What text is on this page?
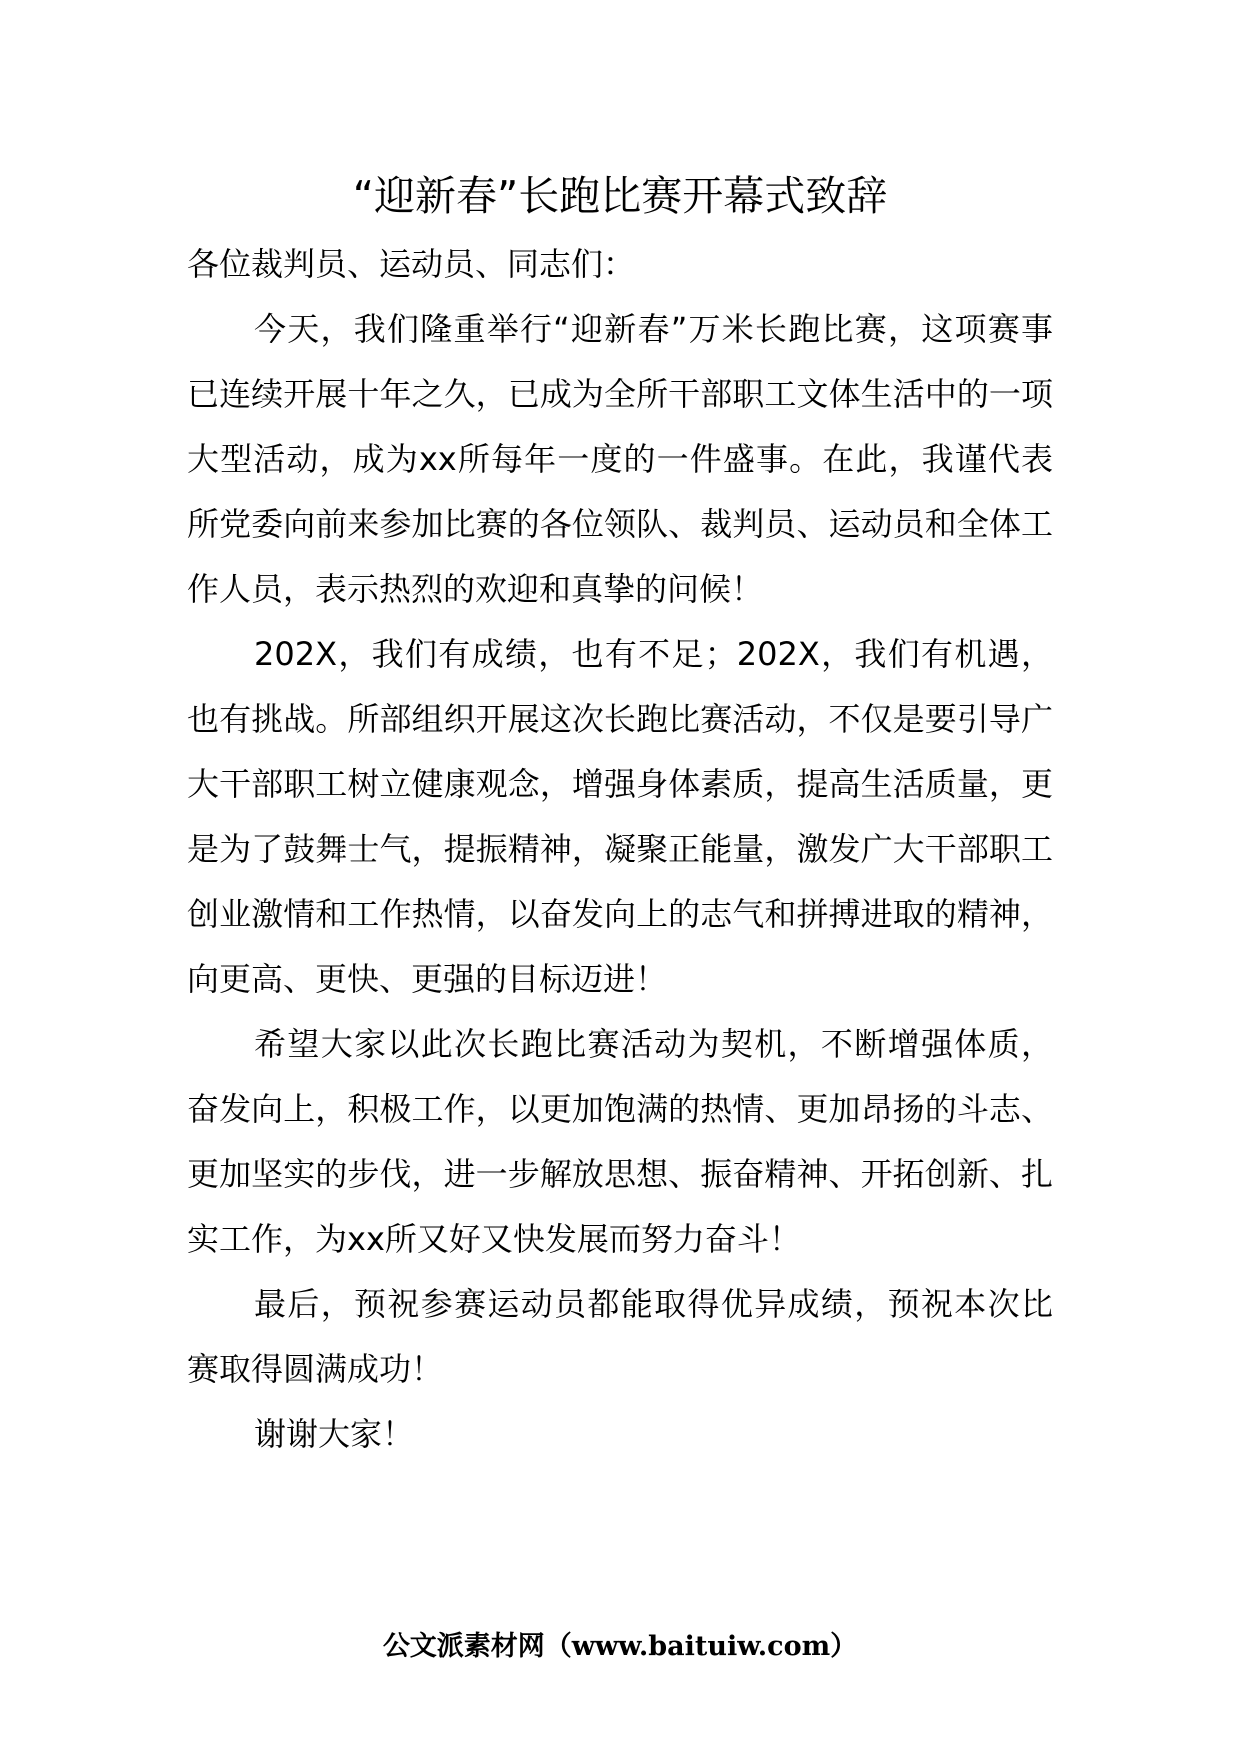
“迎新春”长跑比赛开幕式致辞

各位裁判员、运动员、同志们：

今天，我们隆重举行“迎新春”万米长跑比赛，这项赛事已连续开展十年之久，已成为全所干部职工文体生活中的一项大型活动，成为xx所每年一度的一件盛事。在此，我谨代表所党委向前来参加比赛的各位领队、裁判员、运动员和全体工作人员，表示热烈的欢迎和真挚的问候！

202X，我们有成绩，也有不足；202X，我们有机遇，也有挑战。所部组织开展这次长跑比赛活动，不仅是要引导广大干部职工树立健康观念，增强身体素质，提高生活质量，更是为了鼓舞士气，提振精神，凝聚正能量，激发广大干部职工创业激情和工作热情，以奋发向上的志气和拼搏进取的精神，向更高、更快、更强的目标迈进！

希望大家以此次长跑比赛活动为契机，不断增强体质，奋发向上，积极工作，以更加饱满的热情、更加昂扬的斗志、更加坚实的步伐，进一步解放思想、振奋精神、开拓创新、扎实工作，为xx所又好又快发展而努力奋斗！

最后，预祝参赛运动员都能取得优异成绩，预祝本次比赛取得圆满成功！

谢谢大家！

公文派素材网（www.baituiw.com）
